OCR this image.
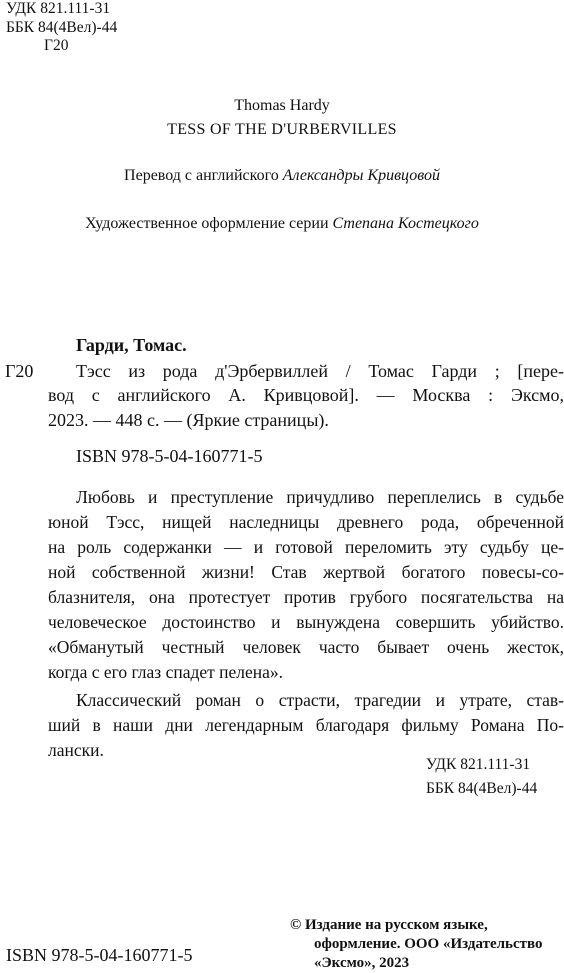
УДК 821.111-31
ББК 84(4Вел)-44
Г20
Thomas Hardy
TESS OF THE D'URBERVILLES
Перевод с английского Александры Кривцовой
Художественное оформление серии Степана Костецкого
Гарди, Томас.
Г20 Тэсс из рода д'Эрбервиллей / Томас Гарди ; [пере-
вод с английского А. Кривцовой]. — Москва : Эксмо,
2023. — 448 с. — (Яркие страницы).
ISBN 978-5-04-160771-5
Любовь и преступление причудливо переплелись в судьбе
юной Тэсс, нищей наследницы древнего рода, обреченной
на роль содержанки — и готовой переломить эту судьбу це-
ной собственной жизни! Став жертвой богатого повесы-со-
блазнителя, она протестует против грубого посягательства на
человеческое достоинство и вынуждена совершить убийство.
«Обманутый честный человек часто бывает очень жесток,
когда с его глаз спадет пелена».
Классический роман о страсти, трагедии и утрате, став-
ший в наши дни легендарным благодаря фильму Романа По-
лански.
УДК 821.111-31
ББК 84(4Вел)-44
© Издание на русском языке,
оформление. ООО «Издательство
«Эксмо», 2023
ISBN 978-5-04-160771-5
